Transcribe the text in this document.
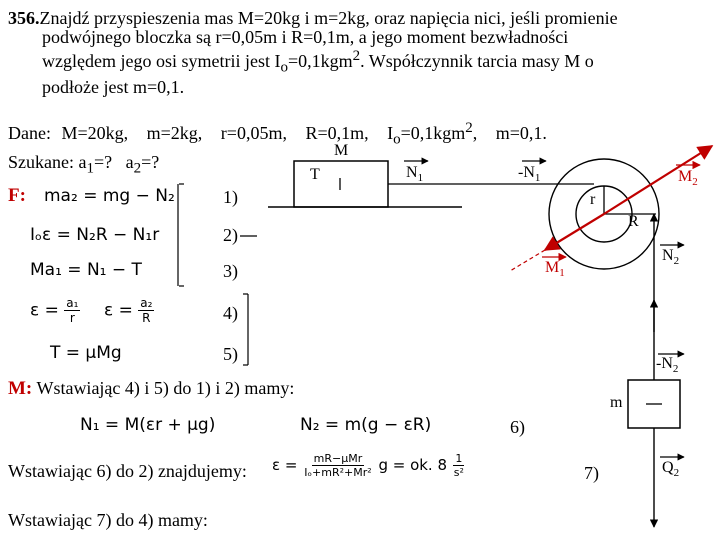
356.Znajdź przyspieszenia mas M=20kg i m=2kg, oraz napięcia nici, jeśli promienie
podwójnego bloczka są r=0,05m i R=0,1m, a jego moment bezwładności
względem jego osi symetrii jest $I_o=0,1kgm^2$. Współczynnik tarcia masy M o
podłoże jest m=0,1.
Dane: M=20kg, m=2kg, r=0,05m, R=0,1m, $I_o=0,1kgm^2$, m=0,1.
Szukane: $a_1=$?   $a_2=$?
F: ma₂ = mg − N₂	1)
Iₒε = N₂R − N₁r	2)
Ma₁ = N₁ − T	3)
$\varepsilon = \frac{\text{a₁}}{r}$ $\varepsilon = \frac{\text{a₂}}{R}$	4)
T = μMg	5)
M: Wstawiając 4) i 5) do 1) i 2) mamy:
N₁ = M(εr + μg)	N₂ = m(g − εR)	6)
Wstawiając 6) do 2) znajdujemy: $\varepsilon = \frac{\text{mR−μMr}}{\text{Iₒ+mR²+Mr²}}$ g = ok. $8 \frac{1}{\text{s²}}$	7)
Wstawiając 7) do 4) mamy:
M
T	$N_1$	$-N_1$
r
R
$M_1$
$M_2$
$N_2$
$-N_2$
m
$Q_2$
